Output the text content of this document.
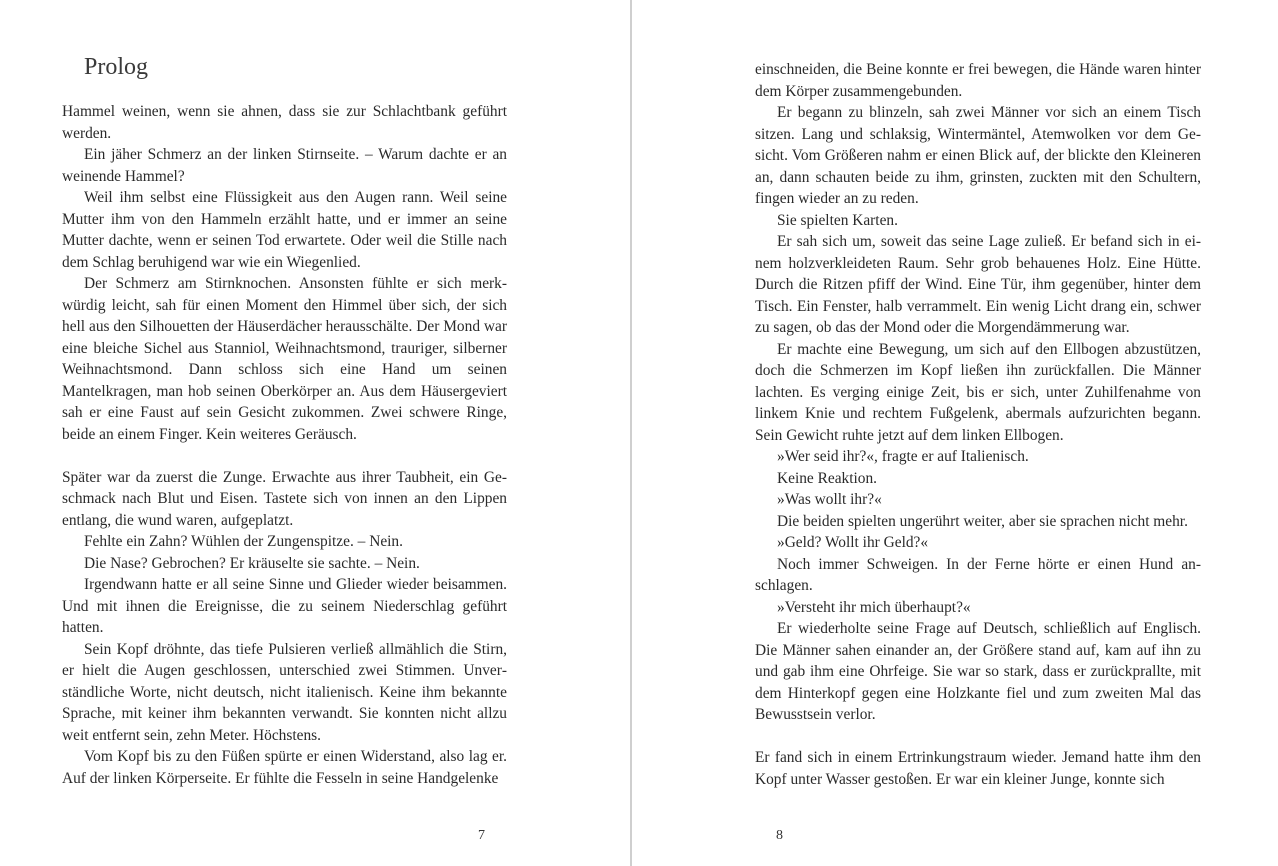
Prolog

Hammel weinen, wenn sie ahnen, dass sie zur Schlachtbank geführt werden.

Ein jäher Schmerz an der linken Stirnseite. – Warum dachte er an weinende Hammel?

Weil ihm selbst eine Flüssigkeit aus den Augen rann. Weil seine Mutter ihm von den Hammeln erzählt hatte, und er immer an seine Mutter dachte, wenn er seinen Tod erwartete. Oder weil die Stille nach dem Schlag beruhigend war wie ein Wiegenlied.

Der Schmerz am Stirnknochen. Ansonsten fühlte er sich merkwürdig leicht, sah für einen Moment den Himmel über sich, der sich hell aus den Silhouetten der Häuserdächer herausschälte. Der Mond war eine bleiche Sichel aus Stanniol, Weihnachtsmond, trauriger, silberner Weihnachtsmond. Dann schloss sich eine Hand um seinen Mantelkragen, man hob seinen Oberkörper an. Aus dem Häusergeviert sah er eine Faust auf sein Gesicht zukommen. Zwei schwere Ringe, beide an einem Finger. Kein weiteres Geräusch.

Später war da zuerst die Zunge. Erwachte aus ihrer Taubheit, ein Geschmack nach Blut und Eisen. Tastete sich von innen an den Lippen entlang, die wund waren, aufgeplatzt.

Fehlte ein Zahn? Wühlen der Zungenspitze. – Nein.

Die Nase? Gebrochen? Er kräuselte sie sachte. – Nein.

Irgendwann hatte er all seine Sinne und Glieder wieder beisammen. Und mit ihnen die Ereignisse, die zu seinem Niederschlag geführt hatten.

Sein Kopf dröhnte, das tiefe Pulsieren verließ allmählich die Stirn, er hielt die Augen geschlossen, unterschied zwei Stimmen. Unverständliche Worte, nicht deutsch, nicht italienisch. Keine ihm bekannte Sprache, mit keiner ihm bekannten verwandt. Sie konnten nicht allzu weit entfernt sein, zehn Meter. Höchstens.

Vom Kopf bis zu den Füßen spürte er einen Widerstand, also lag er. Auf der linken Körperseite. Er fühlte die Fesseln in seine Handgelenke

7

einschneiden, die Beine konnte er frei bewegen, die Hände waren hinter dem Körper zusammengebunden.

Er begann zu blinzeln, sah zwei Männer vor sich an einem Tisch sitzen. Lang und schlaksig, Wintermäntel, Atemwolken vor dem Gesicht. Vom Größeren nahm er einen Blick auf, der blickte den Kleineren an, dann schauten beide zu ihm, grinsten, zuckten mit den Schultern, fingen wieder an zu reden.

Sie spielten Karten.

Er sah sich um, soweit das seine Lage zuließ. Er befand sich in einem holzverkleideten Raum. Sehr grob behauenes Holz. Eine Hütte. Durch die Ritzen pfiff der Wind. Eine Tür, ihm gegenüber, hinter dem Tisch. Ein Fenster, halb verrammelt. Ein wenig Licht drang ein, schwer zu sagen, ob das der Mond oder die Morgendämmerung war.

Er machte eine Bewegung, um sich auf den Ellbogen abzustützen, doch die Schmerzen im Kopf ließen ihn zurückfallen. Die Männer lachten. Es verging einige Zeit, bis er sich, unter Zuhilfenahme von linkem Knie und rechtem Fußgelenk, abermals aufzurichten begann. Sein Gewicht ruhte jetzt auf dem linken Ellbogen.

»Wer seid ihr?«, fragte er auf Italienisch.

Keine Reaktion.

»Was wollt ihr?«

Die beiden spielten ungerührt weiter, aber sie sprachen nicht mehr.

»Geld? Wollt ihr Geld?«

Noch immer Schweigen. In der Ferne hörte er einen Hund anschlagen.

»Versteht ihr mich überhaupt?«

Er wiederholte seine Frage auf Deutsch, schließlich auf Englisch. Die Männer sahen einander an, der Größere stand auf, kam auf ihn zu und gab ihm eine Ohrfeige. Sie war so stark, dass er zurückprallte, mit dem Hinterkopf gegen eine Holzkante fiel und zum zweiten Mal das Bewusstsein verlor.

Er fand sich in einem Ertrinkungstraum wieder. Jemand hatte ihm den Kopf unter Wasser gestoßen. Er war ein kleiner Junge, konnte sich

8
